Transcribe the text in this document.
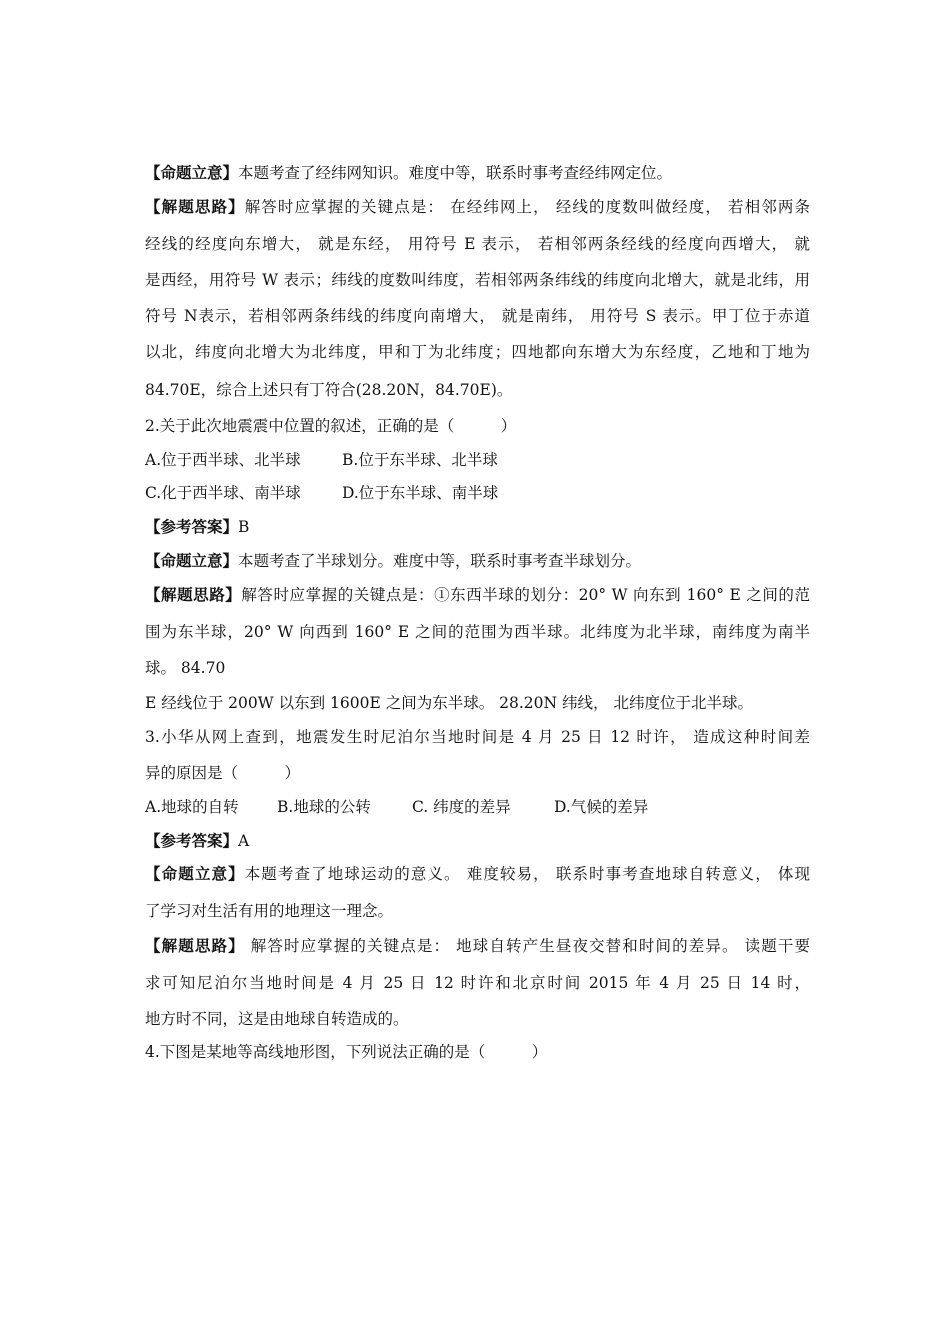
【命题立意】本题考查了经纬网知识。难度中等，联系时事考查经纬网定位。
【解题思路】解答时应掌握的关键点是： 在经纬网上， 经线的度数叫做经度， 若相邻两条
经线的经度向东增大， 就是东经， 用符号 E 表示， 若相邻两条经线的经度向西增大， 就
是西经，用符号 W 表示；纬线的度数叫纬度，若相邻两条纬线的纬度向北增大，就是北纬，用
符号 N表示，若相邻两条纬线的纬度向南增大， 就是南纬， 用符号 S 表示。甲丁位于赤道
以北，纬度向北增大为北纬度，甲和丁为北纬度；四地都向东增大为东经度，乙地和丁地为
84.70E，综合上述只有丁符合(28.20N，84.70E)。
2.关于此次地震震中位置的叙述，正确的是（　　　）
A.位于西半球、北半球	B.位于东半球、北半球
C.化于西半球、南半球	D.位于东半球、南半球
【参考答案】B
【命题立意】本题考查了半球划分。难度中等，联系时事考查半球划分。
【解题思路】解答时应掌握的关键点是：①东西半球的划分：20° W 向东到 160° E 之间的范
围为东半球，20° W 向西到 160° E 之间的范围为西半球。北纬度为北半球，南纬度为南半
球。 84.70
E 经线位于 200W 以东到 1600E 之间为东半球。 28.20N 纬线， 北纬度位于北半球。
3.小华从网上查到，地震发生时尼泊尔当地时间是 4 月 25 日 12 时许， 造成这种时间差
异的原因是（　　　）
A.地球的自转 B.地球的公转	C. 纬度的差异	D.气候的差异
【参考答案】A
【命题立意】本题考查了地球运动的意义。 难度较易， 联系时事考查地球自转意义， 体现
了学习对生活有用的地理这一理念。
【解题思路】 解答时应掌握的关键点是： 地球自转产生昼夜交替和时间的差异。 读题干要
求可知尼泊尔当地时间是 4 月 25 日 12 时许和北京时间 2015 年 4 月 25 日 14 时，
地方时不同，这是由地球自转造成的。
4.下图是某地等高线地形图，下列说法正确的是（　　　）
